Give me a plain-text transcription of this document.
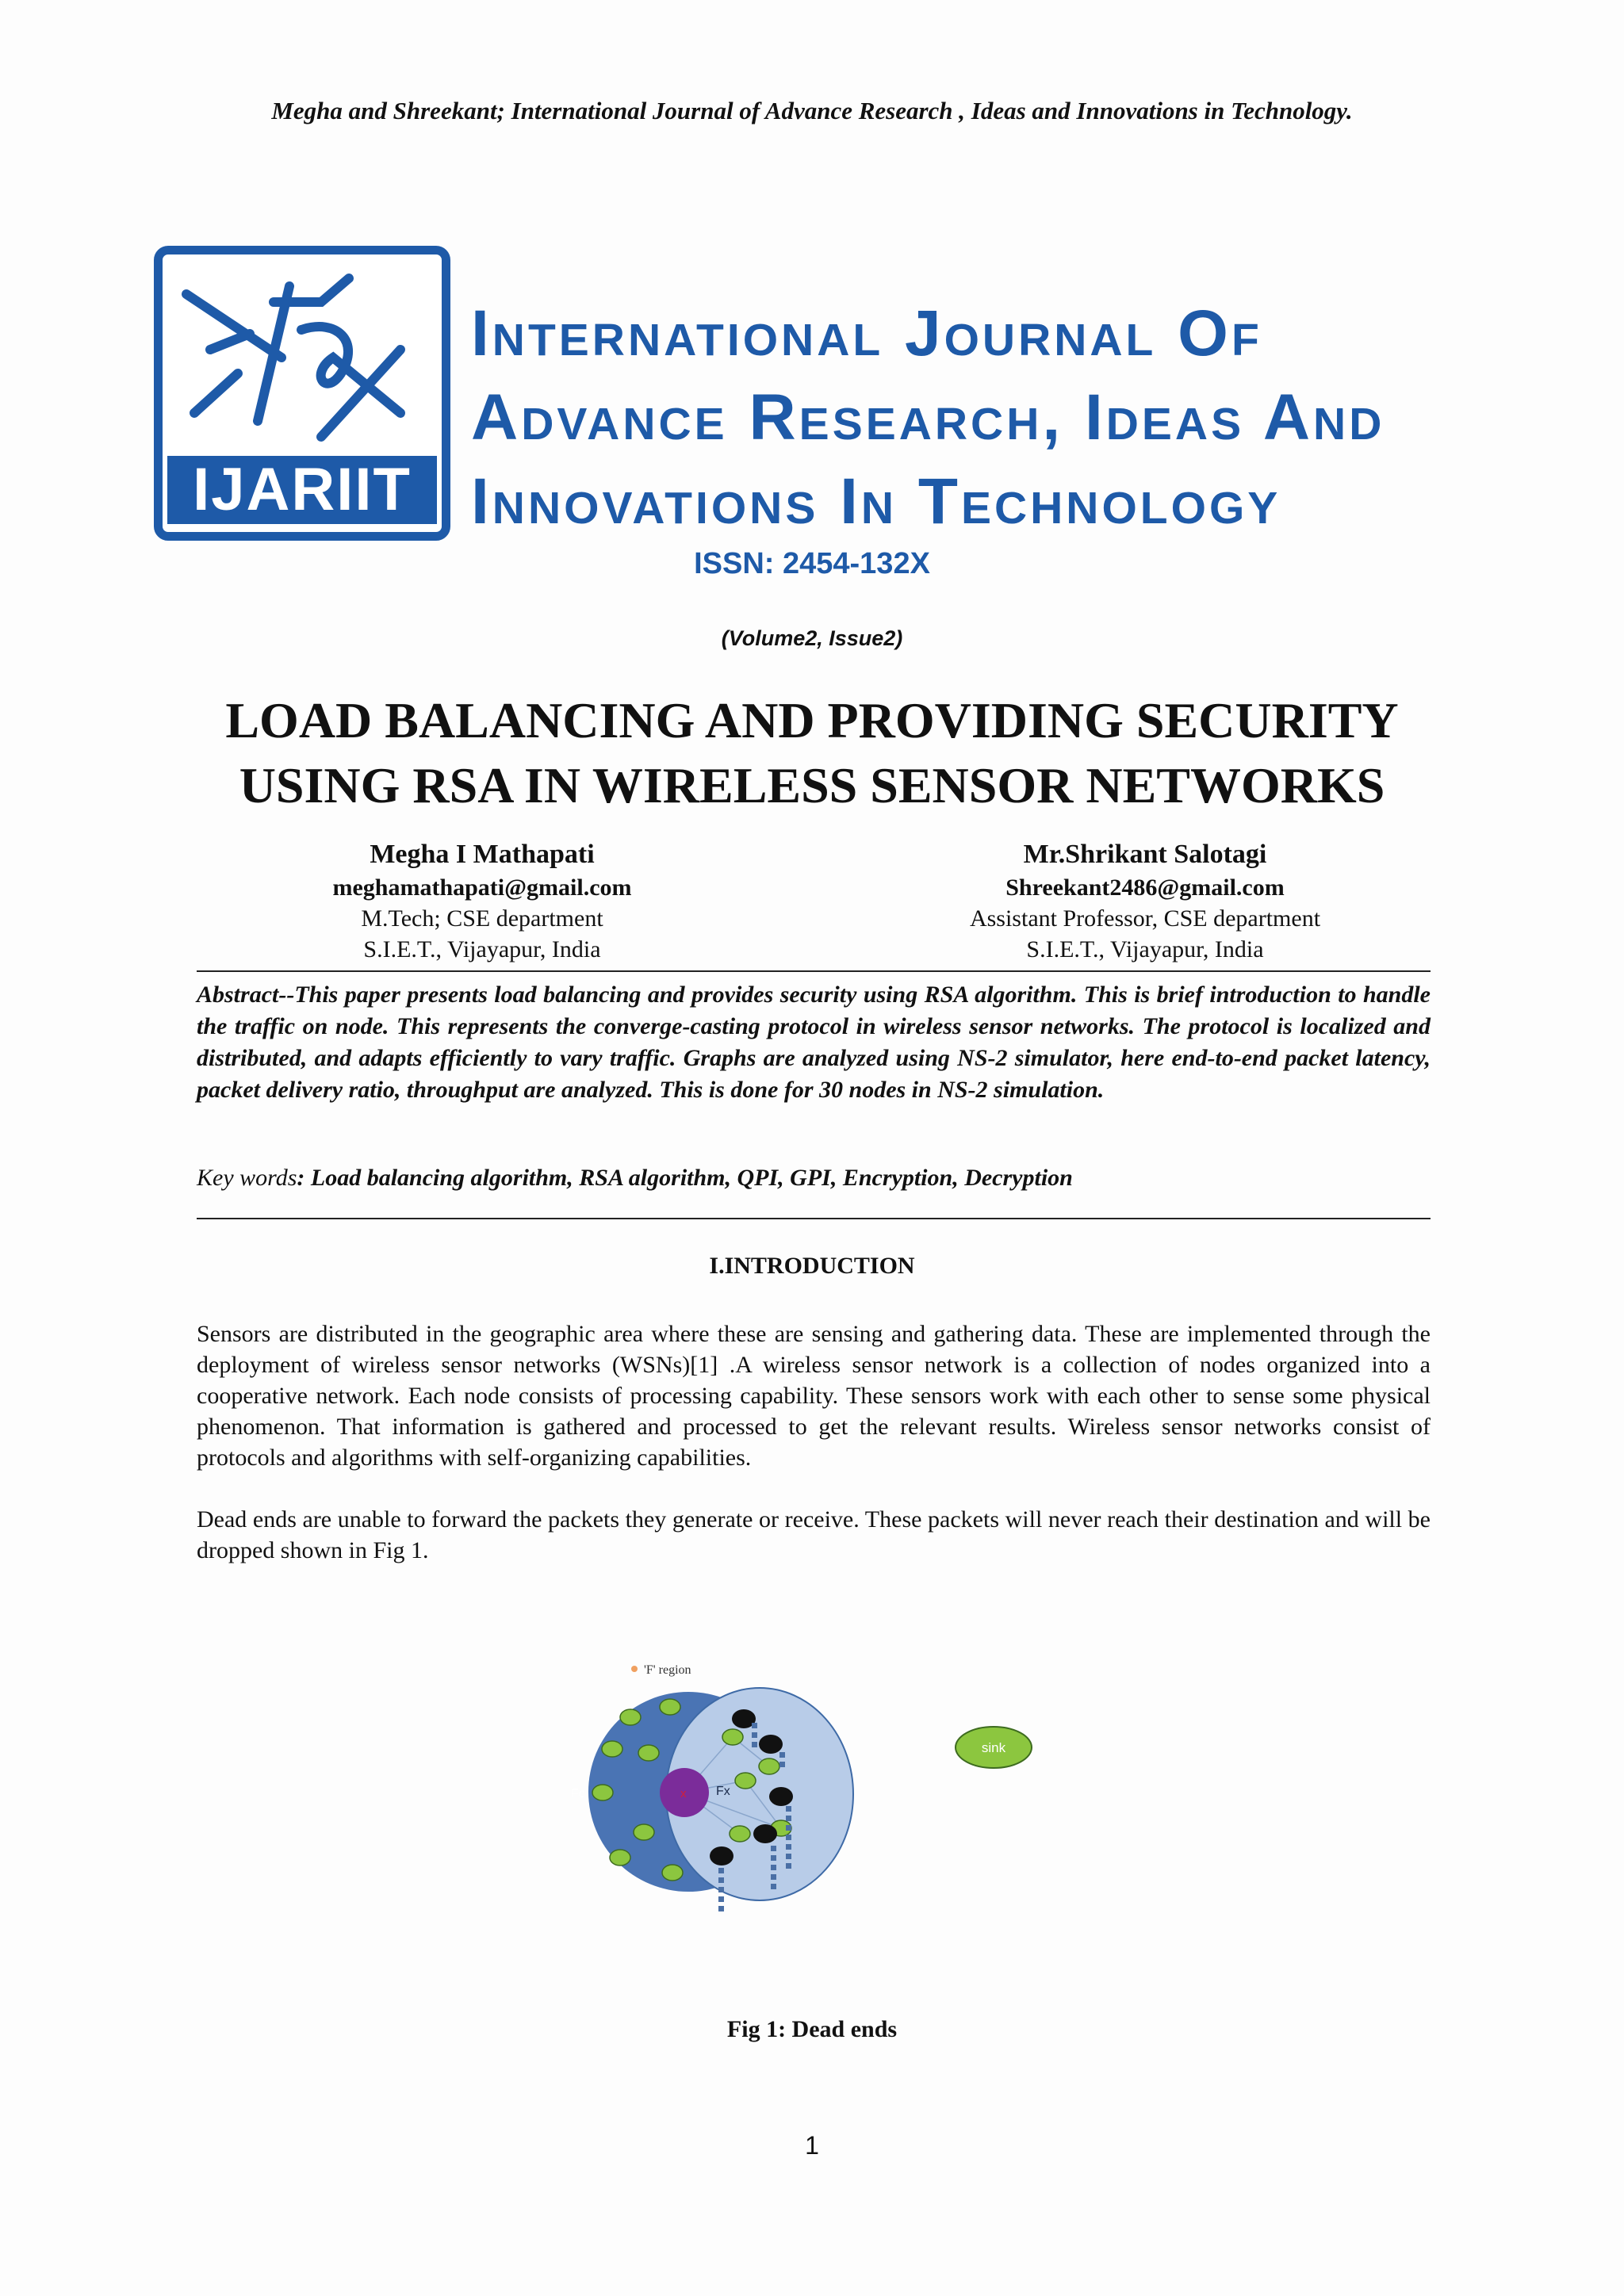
Megha and Shreekant; International Journal of Advance Research , Ideas and Innovations in Technology.
IJARIIT
International Journal Of
Advance Research, Ideas And
Innovations In Technology
ISSN: 2454-132X
(Volume2, Issue2)
LOAD BALANCING AND PROVIDING SECURITY
USING RSA IN WIRELESS SENSOR NETWORKS
Megha I Mathapati
meghamathapati@gmail.com
M.Tech; CSE department
S.I.E.T., Vijayapur, India
Mr.Shrikant Salotagi
Shreekant2486@gmail.com
Assistant Professor, CSE department
S.I.E.T., Vijayapur, India
Abstract--This paper presents load balancing and provides security using RSA algorithm. This is brief introduction to handle the traffic on node. This represents the converge-casting protocol in wireless sensor networks. The protocol is localized and distributed, and adapts efficiently to vary traffic. Graphs are analyzed using NS-2 simulator, here end-to-end packet latency, packet delivery ratio, throughput are analyzed. This is done for 30 nodes in NS-2 simulation.
Key words: Load balancing algorithm, RSA algorithm, QPI, GPI, Encryption, Decryption
I.INTRODUCTION
Sensors are distributed in the geographic area where these are sensing and gathering data. These are implemented through the deployment of wireless sensor networks (WSNs)[1] .A wireless sensor network is a collection of nodes organized into a cooperative network. Each node consists of processing capability. These sensors work with each other to sense some physical phenomenon. That information is gathered and processed to get the relevant results. Wireless sensor networks consist of protocols and algorithms with self-organizing capabilities.
Dead ends are unable to forward the packets they generate or receive. These packets will never reach their destination and will be dropped shown in Fig 1.
'F' region
x
Fc	Fx
sink
Fig 1: Dead ends
1
